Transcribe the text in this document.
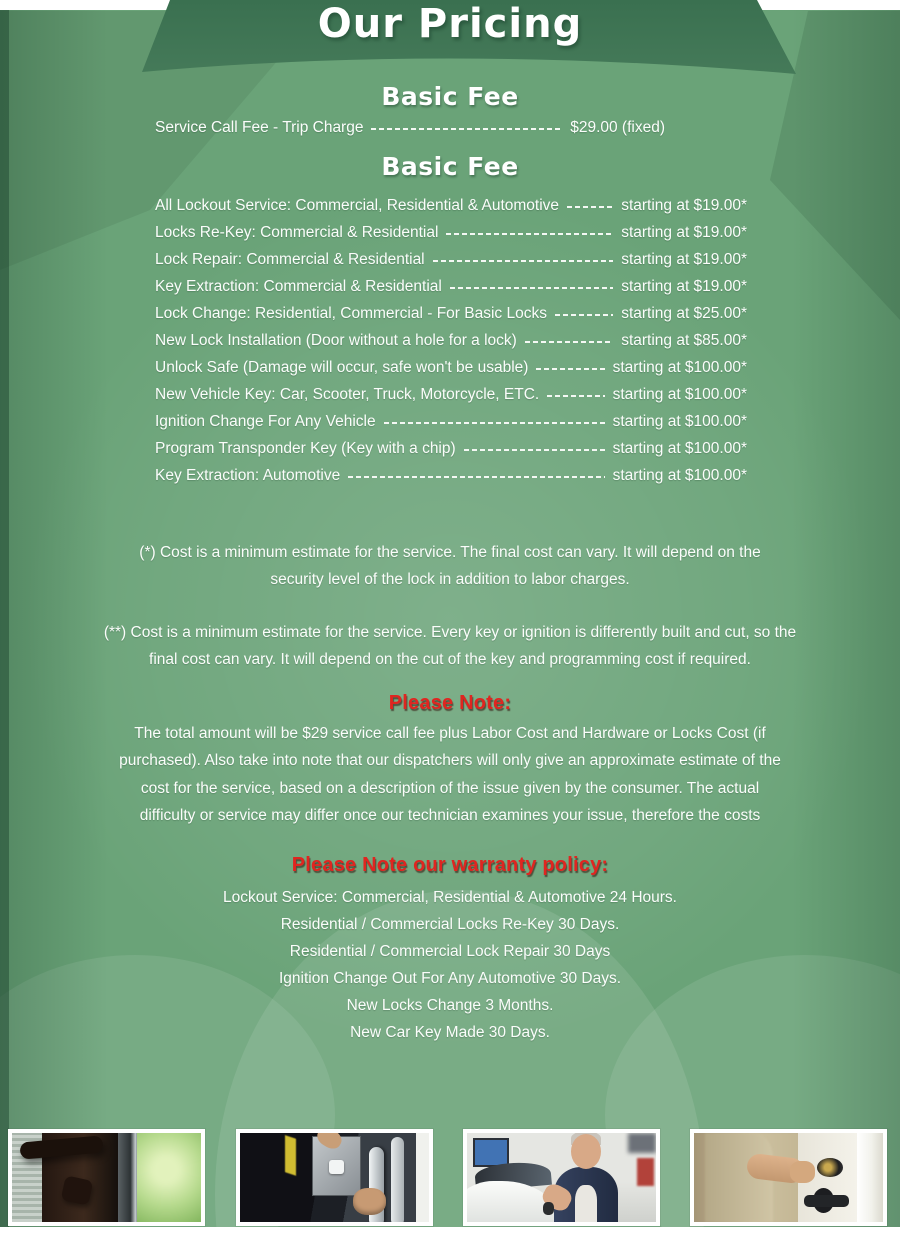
Our Pricing
Basic Fee
Service Call Fee - Trip Charge	$29.00 (fixed)
Basic Fee
All Lockout Service: Commercial, Residential & Automotive	starting at $19.00*
Locks Re-Key: Commercial & Residential	starting at $19.00*
Lock Repair: Commercial & Residential	starting at $19.00*
Key Extraction: Commercial & Residential	starting at $19.00*
Lock Change: Residential, Commercial - For Basic Locks	starting at $25.00*
New Lock Installation (Door without a hole for a lock)	starting at $85.00*
Unlock Safe (Damage will occur, safe won't be usable)	starting at $100.00*
New Vehicle Key: Car, Scooter, Truck, Motorcycle, ETC.	starting at $100.00*
Ignition Change For Any Vehicle	starting at $100.00*
Program Transponder Key (Key with a chip)	starting at $100.00*
Key Extraction: Automotive	starting at $100.00*
(*) Cost is a minimum estimate for the service. The final cost can vary. It will depend on the security level of the lock in addition to labor charges.
(**) Cost is a minimum estimate for the service. Every key or ignition is differently built and cut, so the final cost can vary. It will depend on the cut of the key and programming cost if required.
Please Note:
The total amount will be $29 service call fee plus Labor Cost and Hardware or Locks Cost (if purchased). Also take into note that our dispatchers will only give an approximate estimate of the cost for the service, based on a description of the issue given by the consumer. The actual difficulty or service may differ once our technician examines your issue, therefore the costs
Please Note our warranty policy:
Lockout Service: Commercial, Residential & Automotive 24 Hours.
Residential / Commercial Locks Re-Key 30 Days.
Residential / Commercial Lock Repair 30 Days
Ignition Change Out For Any Automotive 30 Days.
New Locks Change 3 Months.
New Car Key Made 30 Days.
